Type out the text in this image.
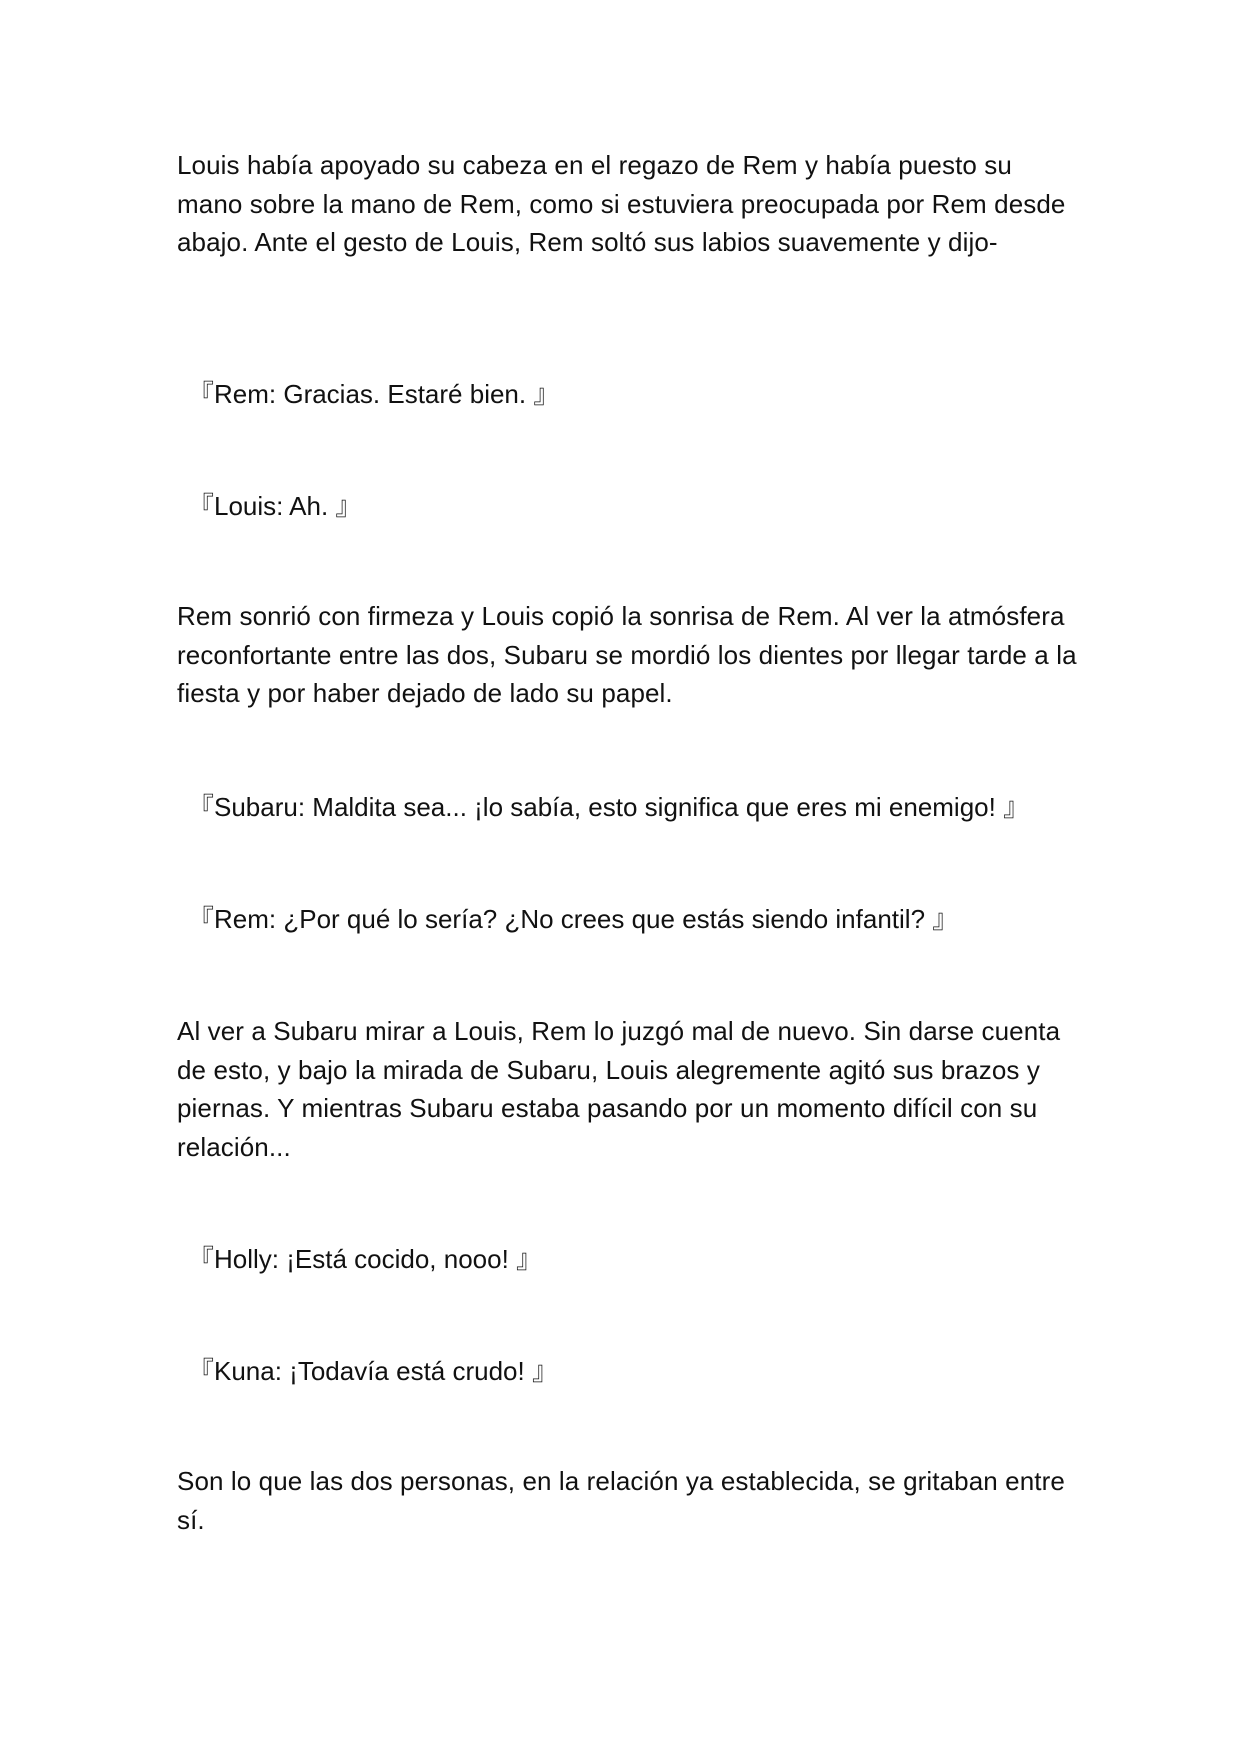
Louis había apoyado su cabeza en el regazo de Rem y había puesto su mano sobre la mano de Rem, como si estuviera preocupada por Rem desde abajo. Ante el gesto de Louis, Rem soltó sus labios suavemente y dijo-

『Rem: Gracias. Estaré bien. 』

『Louis: Ah. 』

Rem sonrió con firmeza y Louis copió la sonrisa de Rem. Al ver la atmósfera reconfortante entre las dos, Subaru se mordió los dientes por llegar tarde a la fiesta y por haber dejado de lado su papel.

『Subaru: Maldita sea... ¡lo sabía, esto significa que eres mi enemigo! 』

『Rem: ¿Por qué lo sería? ¿No crees que estás siendo infantil? 』

Al ver a Subaru mirar a Louis, Rem lo juzgó mal de nuevo. Sin darse cuenta de esto, y bajo la mirada de Subaru, Louis alegremente agitó sus brazos y piernas. Y mientras Subaru estaba pasando por un momento difícil con su relación...

『Holly: ¡Está cocido, nooo! 』

『Kuna: ¡Todavía está crudo! 』

Son lo que las dos personas, en la relación ya establecida, se gritaban entre sí.
